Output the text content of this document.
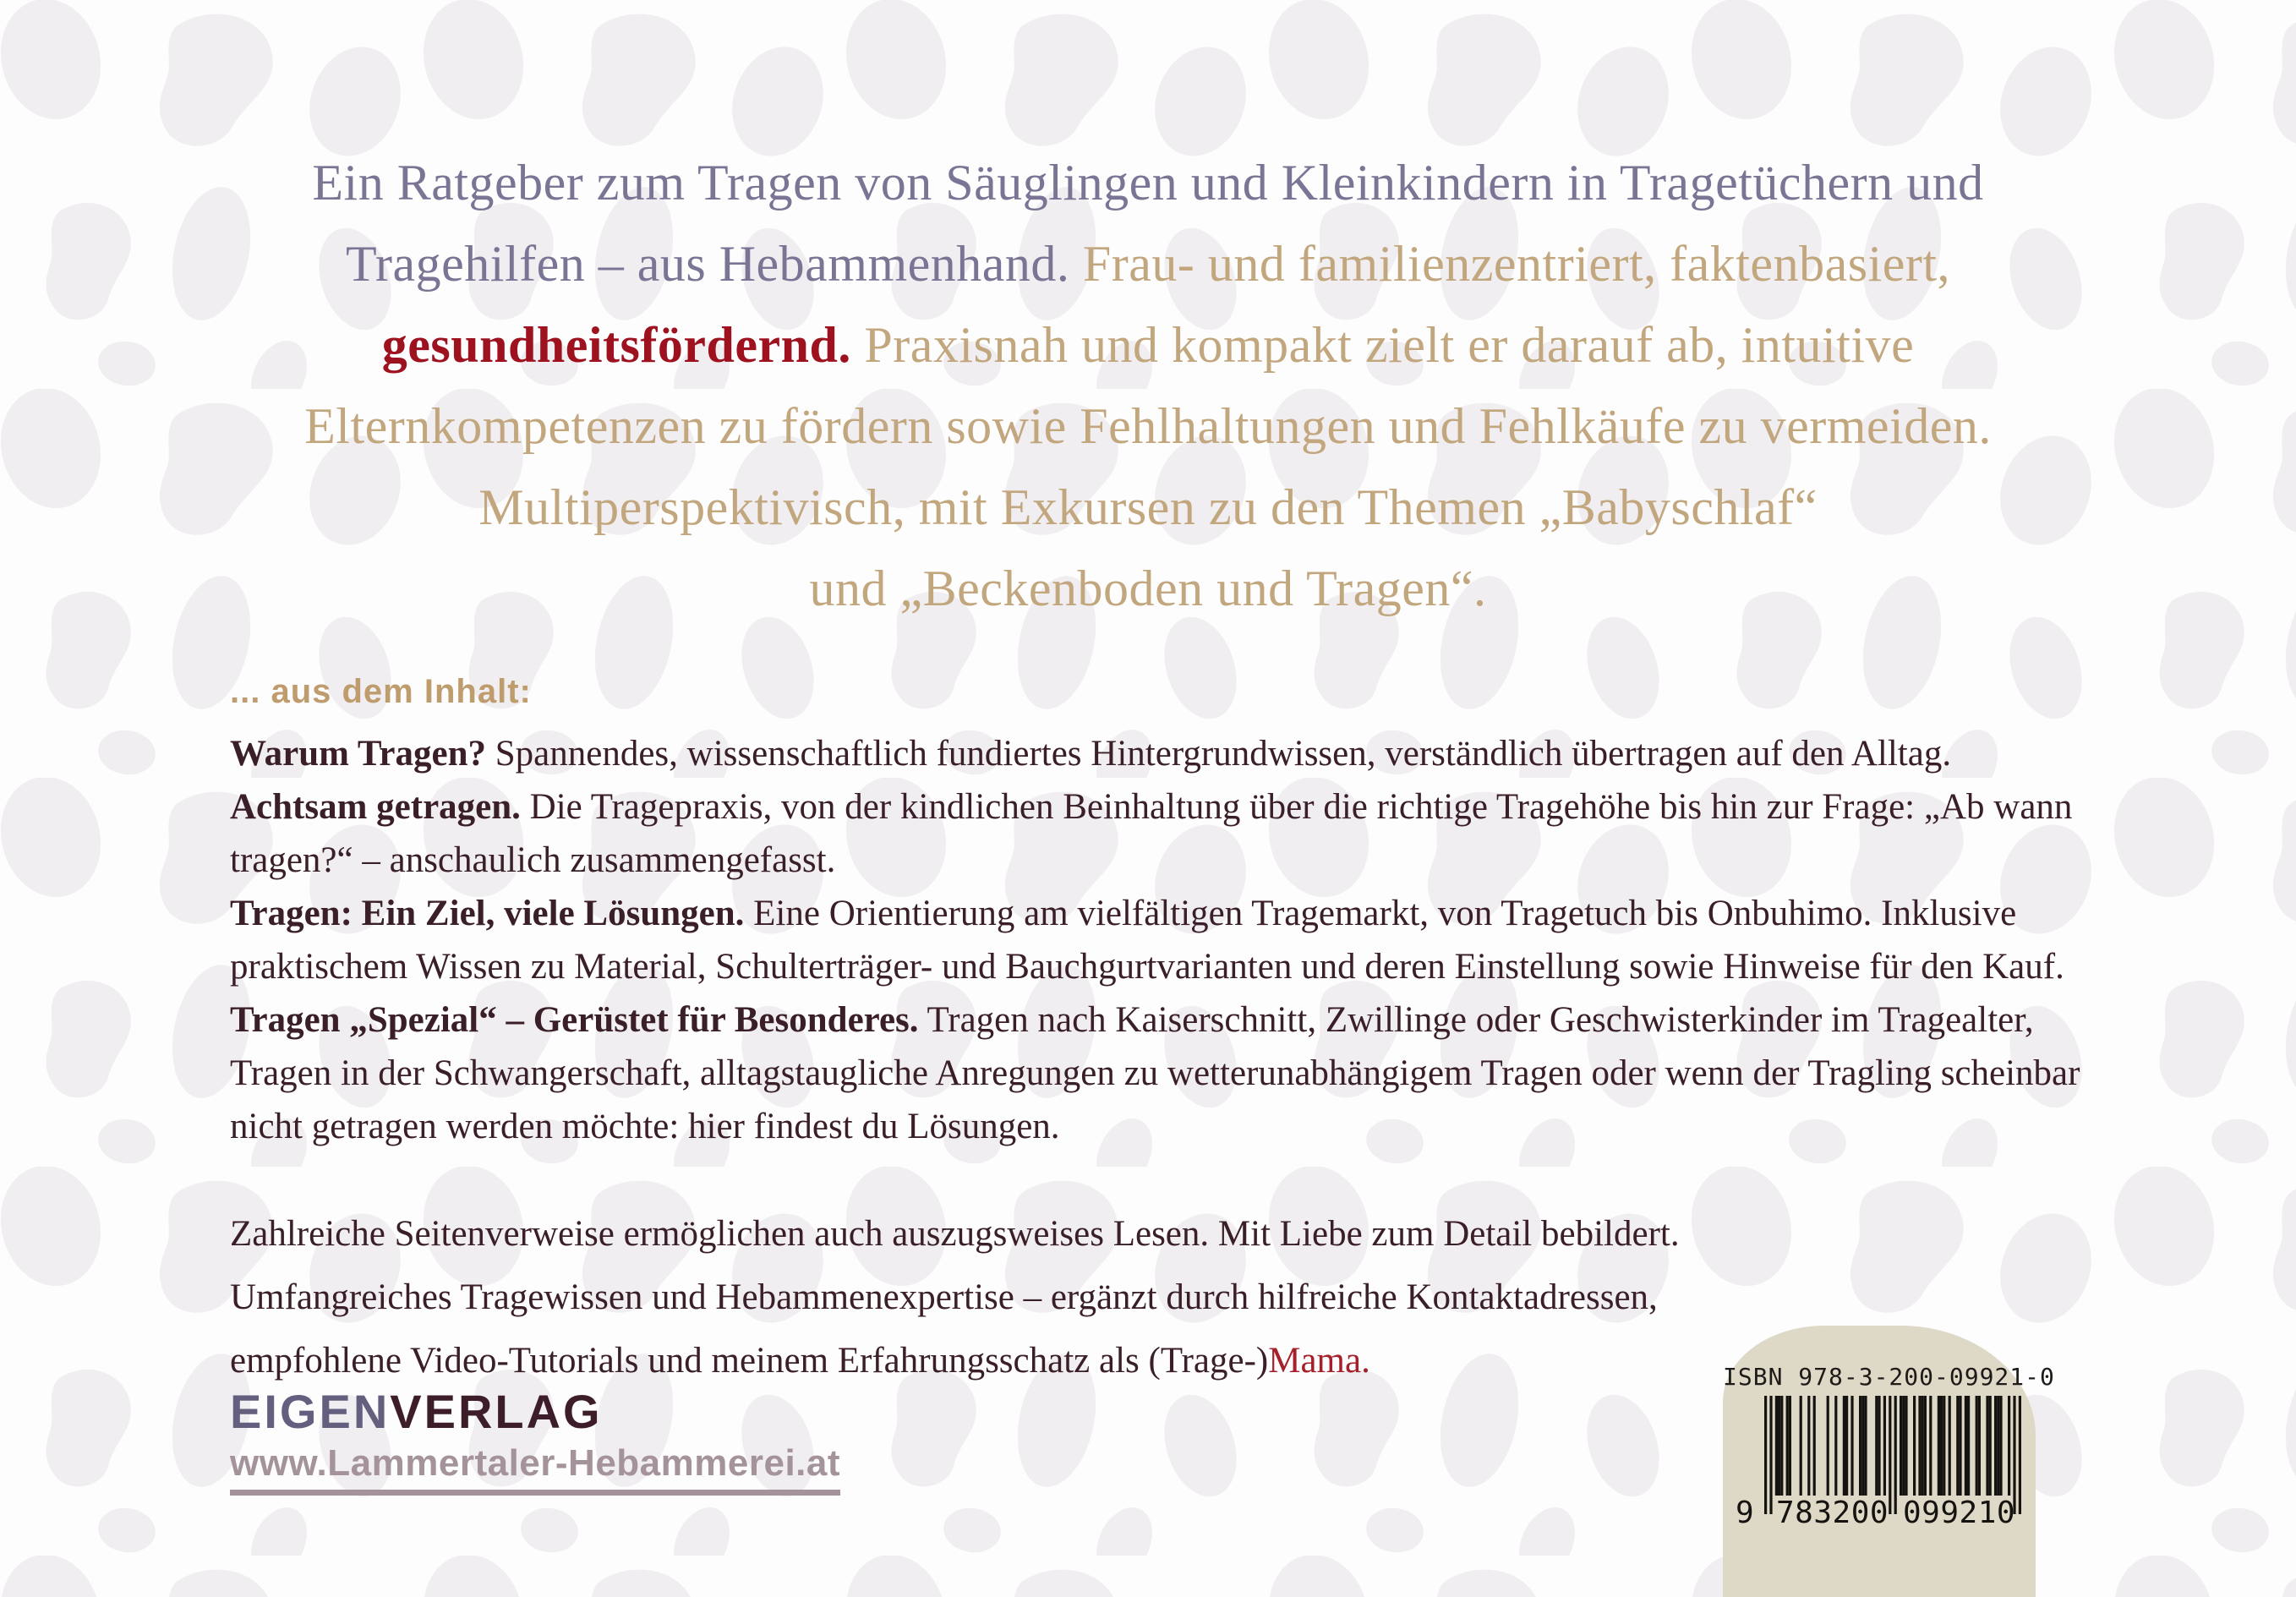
Ein Ratgeber zum Tragen von Säuglingen und Kleinkindern in Tragetüchern und
Tragehilfen – aus Hebammenhand. Frau- und familienzentriert, faktenbasiert,
gesundheitsfördernd. Praxisnah und kompakt zielt er darauf ab, intuitive
Elternkompetenzen zu fördern sowie Fehlhaltungen und Fehlkäufe zu vermeiden.
Multiperspektivisch, mit Exkursen zu den Themen „Babyschlaf“
und „Beckenboden und Tragen“.
... aus dem Inhalt:

Warum Tragen? Spannendes, wissenschaftlich fundiertes Hintergrundwissen, verständlich übertragen auf den Alltag.

Achtsam getragen. Die Tragepraxis, von der kindlichen Beinhaltung über die richtige Tragehöhe bis hin zur Frage: „Ab wann tragen?“ – anschaulich zusammengefasst.

Tragen: Ein Ziel, viele Lösungen. Eine Orientierung am vielfältigen Tragemarkt, von Tragetuch bis Onbuhimo. Inklusive praktischem Wissen zu Material, Schulterträger- und Bauchgurtvarianten und deren Einstellung sowie Hinweise für den Kauf.

Tragen „Spezial“ – Gerüstet für Besonderes. Tragen nach Kaiserschnitt, Zwillinge oder Geschwisterkinder im Tragealter, Tragen in der Schwangerschaft, alltagstaugliche Anregungen zu wetterunabhängigem Tragen oder wenn der Tragling scheinbar nicht getragen werden möchte: hier findest du Lösungen.

Zahlreiche Seitenverweise ermöglichen auch auszugsweises Lesen. Mit Liebe zum Detail bebildert.
Umfangreiches Tragewissen und Hebammenexpertise – ergänzt durch hilfreiche Kontaktadressen,
empfohlene Video-Tutorials und meinem Erfahrungsschatz als (Trage-)Mama.
EIGENVERLAG
www.Lammertaler-Hebammerei.at
ISBN 978-3-200-09921-0
9 783200 099210
